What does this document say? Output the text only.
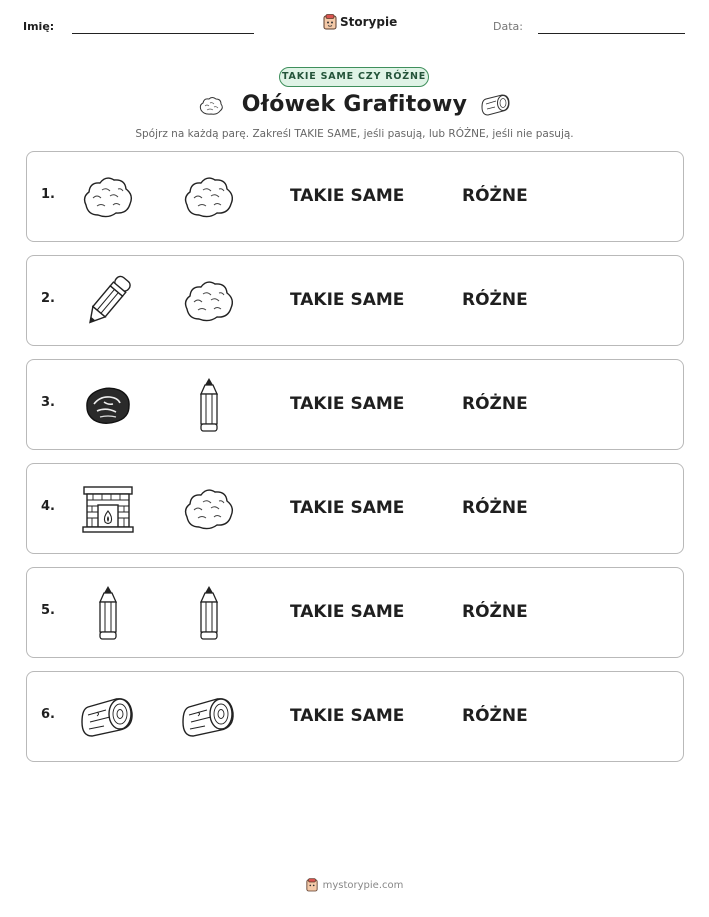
Imię:	Storypie	Data:
TAKIE SAME CZY RÓŻNE
Ołówek Grafitowy
Spójrz na każdą parę. Zakreśl TAKIE SAME, jeśli pasują, lub RÓŻNE, jeśli nie pasują.
1.	TAKIE SAME	RÓŻNE
2.	TAKIE SAME	RÓŻNE
3.	TAKIE SAME	RÓŻNE
4.	TAKIE SAME	RÓŻNE
5.	TAKIE SAME	RÓŻNE
6.	TAKIE SAME	RÓŻNE
mystorypie.com
